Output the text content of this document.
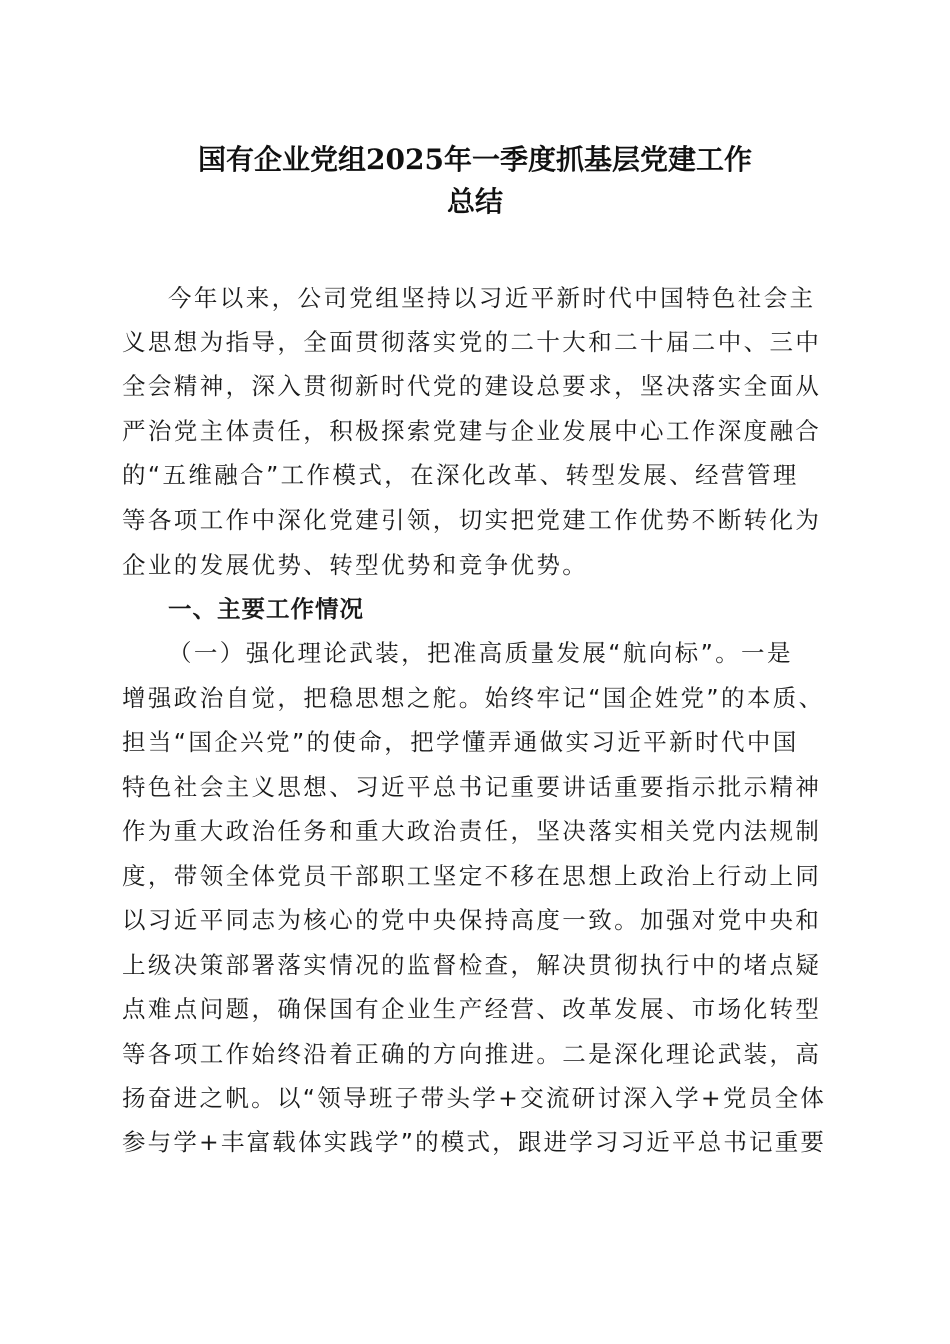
国有企业党组2025年一季度抓基层党建工作
总结
今年以来，公司党组坚持以习近平新时代中国特色社会主
义思想为指导，全面贯彻落实党的二十大和二十届二中、三中
全会精神，深入贯彻新时代党的建设总要求，坚决落实全面从
严治党主体责任，积极探索党建与企业发展中心工作深度融合
的“五维融合”工作模式，在深化改革、转型发展、经营管理
等各项工作中深化党建引领，切实把党建工作优势不断转化为
企业的发展优势、转型优势和竞争优势。
一、主要工作情况
（一）强化理论武装，把准高质量发展“航向标”。一是
增强政治自觉，把稳思想之舵。始终牢记“国企姓党”的本质、
担当“国企兴党”的使命，把学懂弄通做实习近平新时代中国
特色社会主义思想、习近平总书记重要讲话重要指示批示精神
作为重大政治任务和重大政治责任，坚决落实相关党内法规制
度，带领全体党员干部职工坚定不移在思想上政治上行动上同
以习近平同志为核心的党中央保持高度一致。加强对党中央和
上级决策部署落实情况的监督检查，解决贯彻执行中的堵点疑
点难点问题，确保国有企业生产经营、改革发展、市场化转型
等各项工作始终沿着正确的方向推进。二是深化理论武装，高
扬奋进之帆。以“领导班子带头学+交流研讨深入学+党员全体
参与学+丰富载体实践学”的模式，跟进学习习近平总书记重要
